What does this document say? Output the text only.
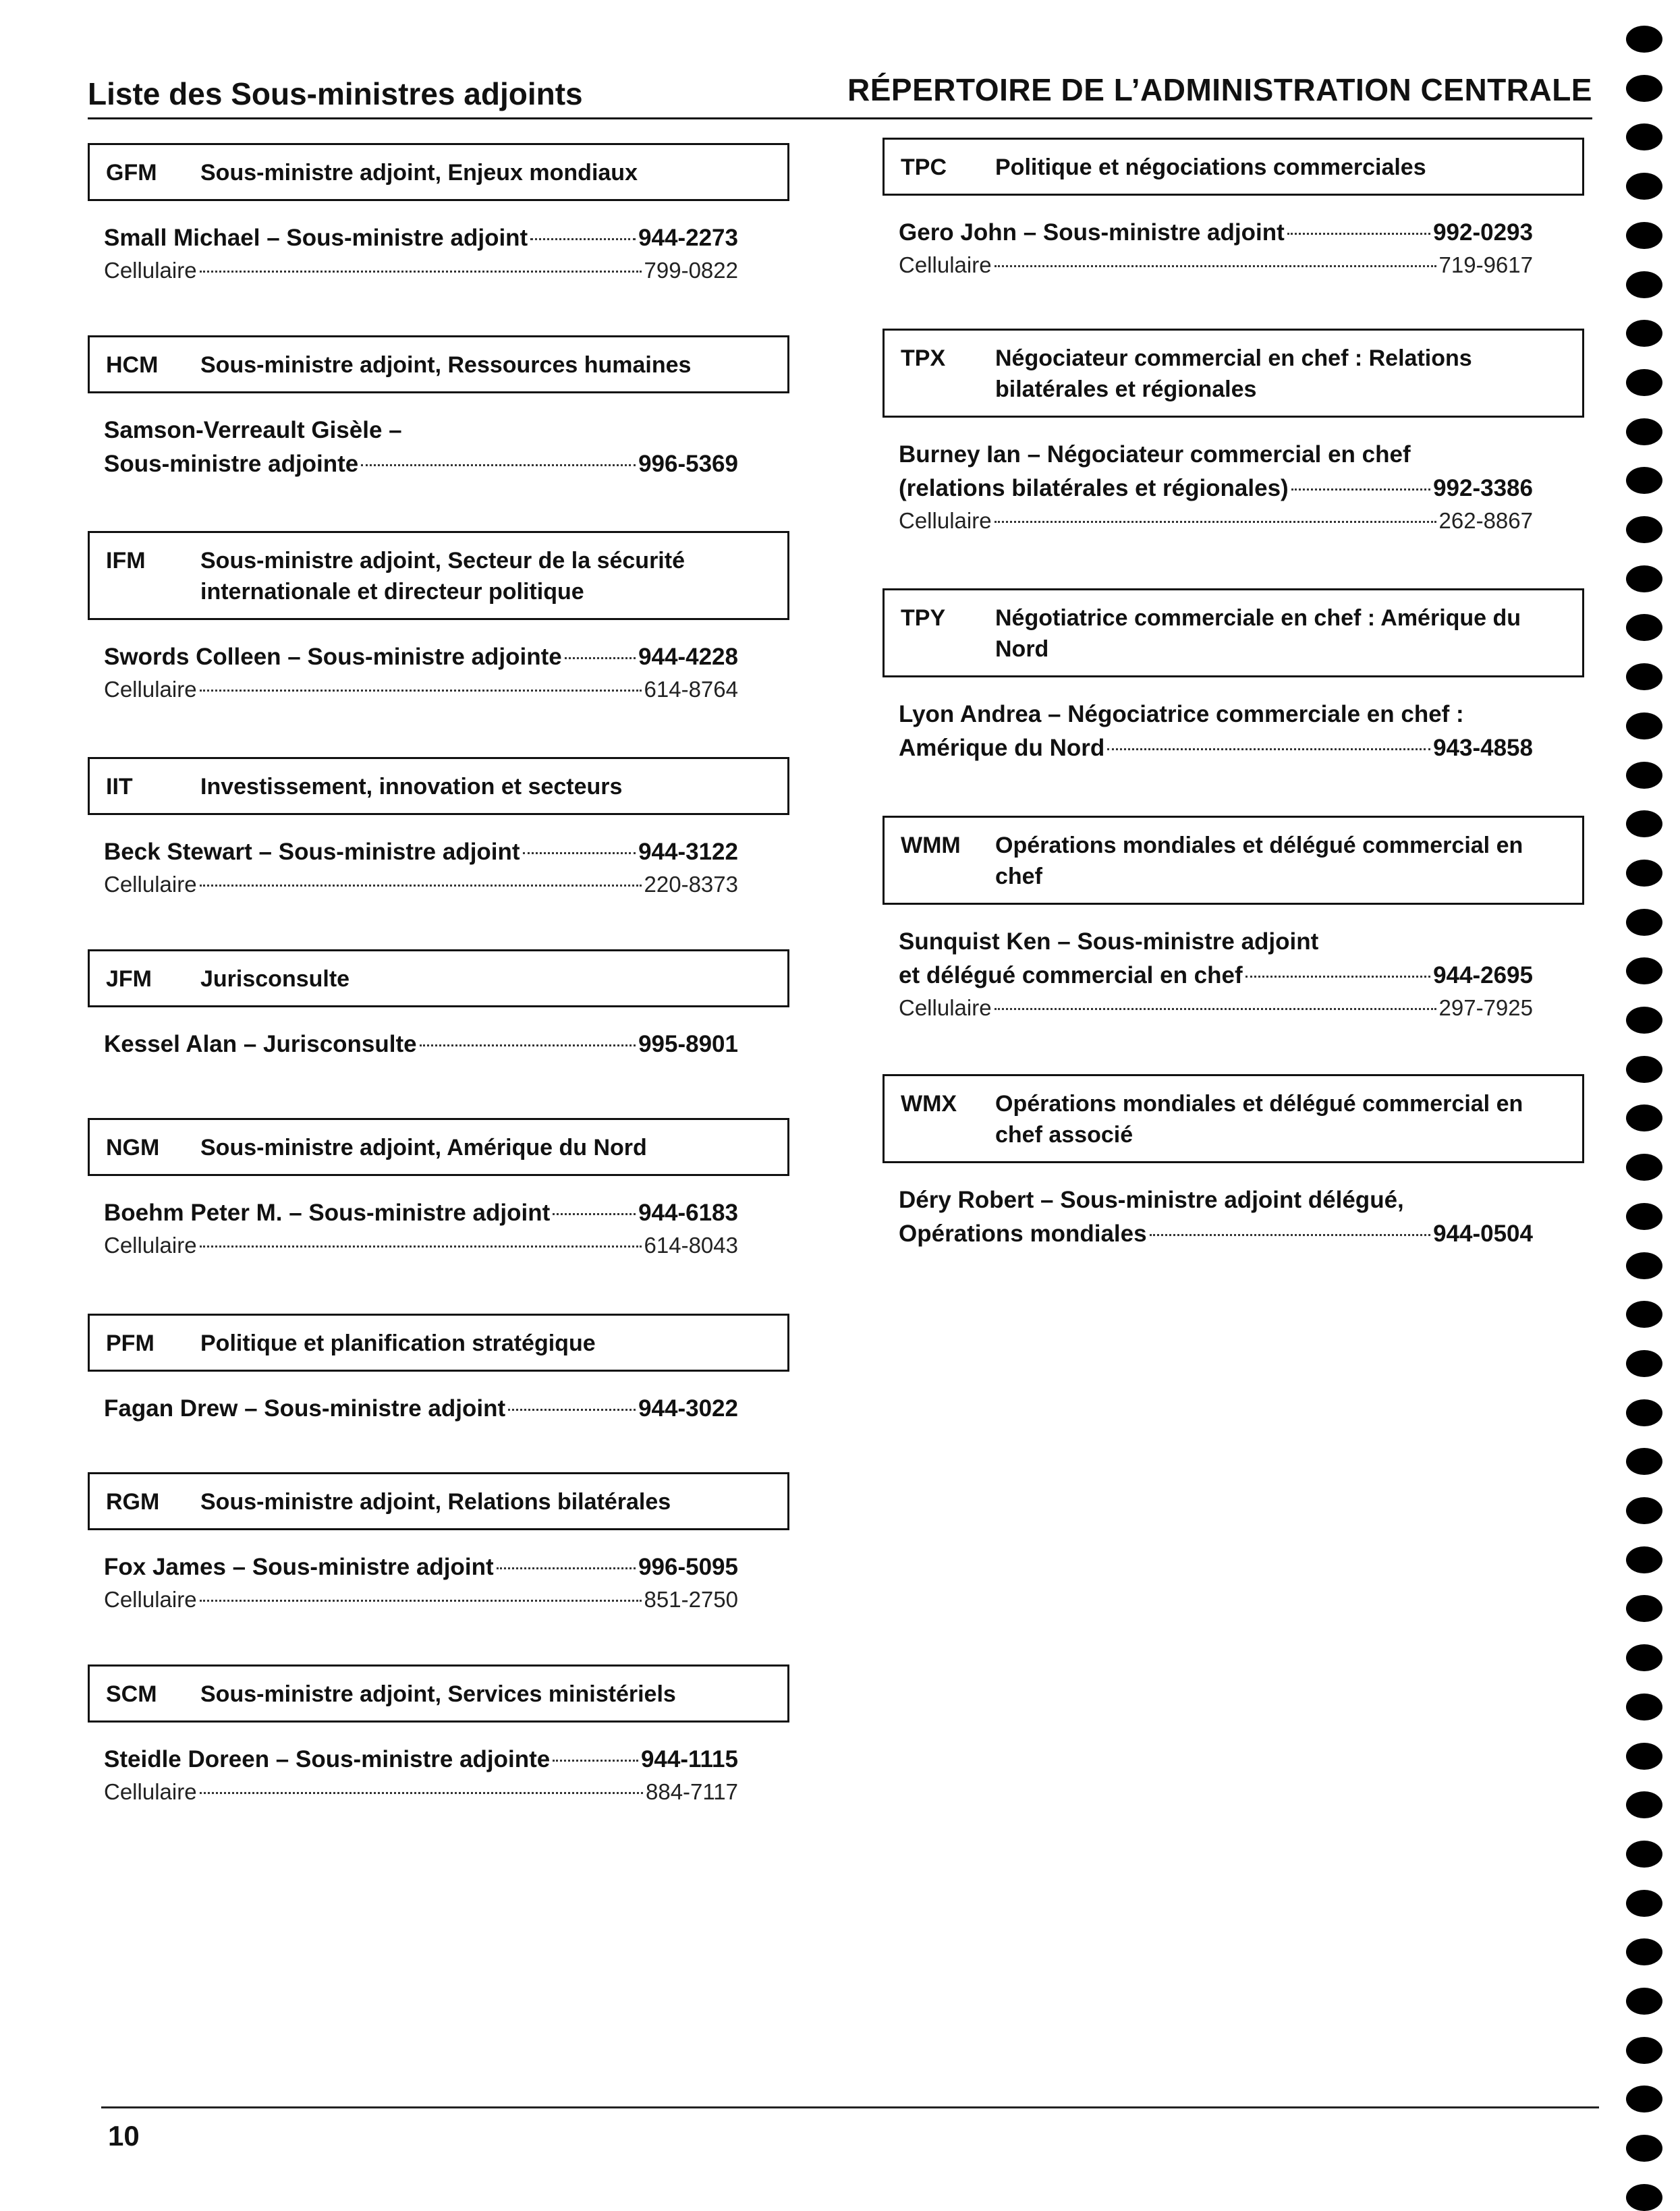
Liste des Sous-ministres adjoints	RÉPERTOIRE DE L’ADMINISTRATION CENTRALE
GFM	Sous-ministre adjoint, Enjeux mondiaux
Small Michael – Sous-ministre adjoint	944-2273
Cellulaire	799-0822
HCM	Sous-ministre adjoint, Ressources humaines
Samson-Verreault Gisèle –
Sous-ministre adjointe	996-5369
IFM	Sous-ministre adjoint, Secteur de la sécurité internationale et directeur politique
Swords Colleen – Sous-ministre adjointe	944-4228
Cellulaire	614-8764
IIT	Investissement, innovation et secteurs
Beck Stewart – Sous-ministre adjoint	944-3122
Cellulaire	220-8373
JFM	Jurisconsulte
Kessel Alan – Jurisconsulte	995-8901
NGM	Sous-ministre adjoint, Amérique du Nord
Boehm Peter M. – Sous-ministre adjoint	944-6183
Cellulaire	614-8043
PFM	Politique et planification stratégique
Fagan Drew – Sous-ministre adjoint	944-3022
RGM	Sous-ministre adjoint, Relations bilatérales
Fox James – Sous-ministre adjoint	996-5095
Cellulaire	851-2750
SCM	Sous-ministre adjoint, Services ministériels
Steidle Doreen – Sous-ministre adjointe	944-1115
Cellulaire	884-7117
TPC	Politique et négociations commerciales
Gero John – Sous-ministre adjoint	992-0293
Cellulaire	719-9617
TPX	Négociateur commercial en chef : Relations bilatérales et régionales
Burney Ian – Négociateur commercial en chef
(relations bilatérales et régionales)	992-3386
Cellulaire	262-8867
TPY	Négotiatrice commerciale en chef : Amérique du Nord
Lyon Andrea – Négociatrice commerciale en chef :
Amérique du Nord	943-4858
WMM	Opérations mondiales et délégué commercial en chef
Sunquist Ken – Sous-ministre adjoint
et délégué commercial en chef	944-2695
Cellulaire	297-7925
WMX	Opérations mondiales et délégué commercial en chef associé
Déry Robert – Sous-ministre adjoint délégué,
Opérations mondiales	944-0504
10
